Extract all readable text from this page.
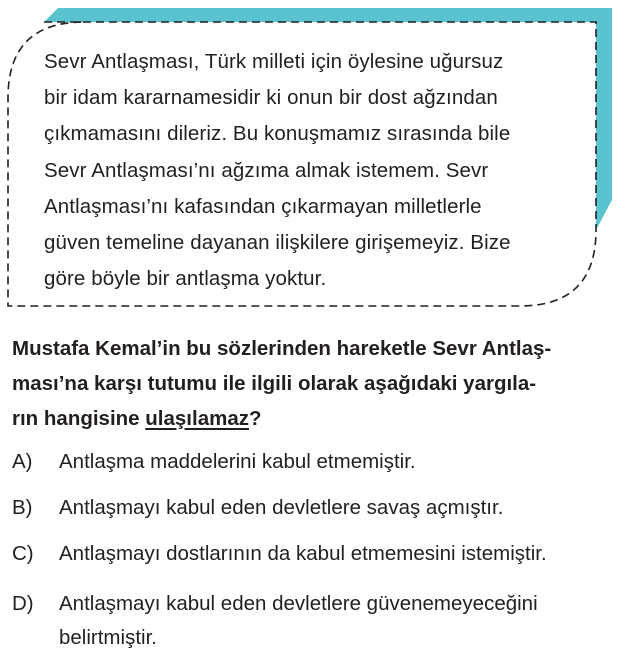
Sevr Antlaşması, Türk milleti için öylesine uğursuz
bir idam kararnamesidir ki onun bir dost ağzından
çıkmamasını dileriz. Bu konuşmamız sırasında bile
Sevr Antlaşması’nı ağzıma almak istemem. Sevr
Antlaşması’nı kafasından çıkarmayan milletlerle
güven temeline dayanan ilişkilere girişemeyiz. Bize
göre böyle bir antlaşma yoktur.
Mustafa Kemal’in bu sözlerinden hareketle Sevr Antlaş-
ması’na karşı tutumu ile ilgili olarak aşağıdaki yargıla-
rın hangisine ulaşılamaz?
A) Antlaşma maddelerini kabul etmemiştir.
B) Antlaşmayı kabul eden devletlere savaş açmıştır.
C) Antlaşmayı dostlarının da kabul etmemesini istemiştir.
D) Antlaşmayı kabul eden devletlere güvenemeyeceğini
belirtmiştir.
